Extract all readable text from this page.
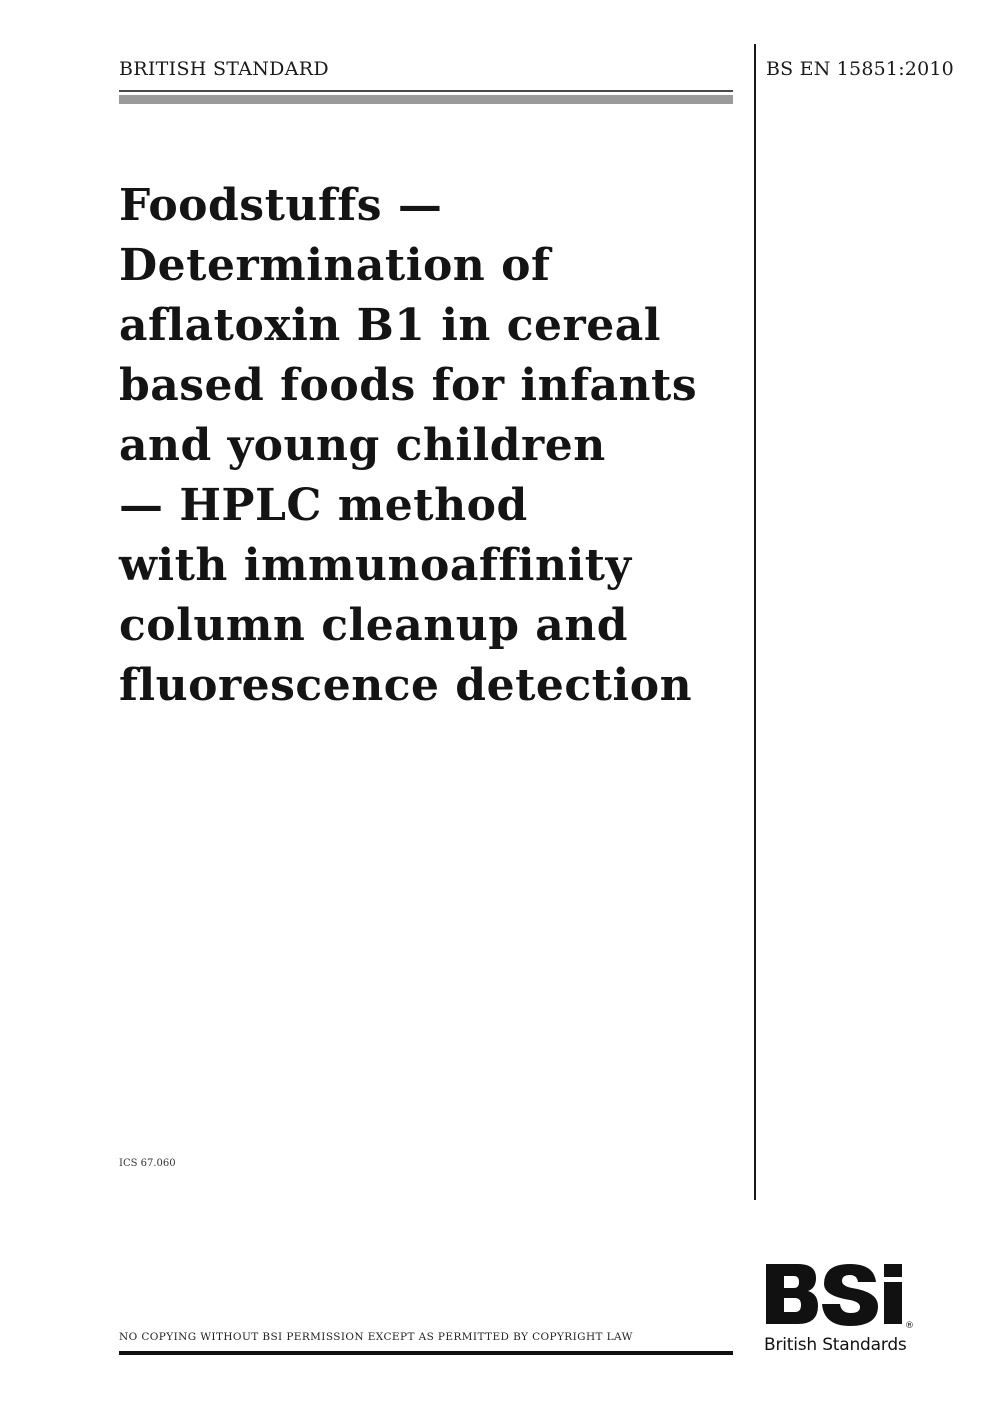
BRITISH STANDARD	BS EN 15851:2010
Foodstuffs —
Determination of
aflatoxin B1 in cereal
based foods for infants
and young children
— HPLC method
with immunoaffinity
column cleanup and
fluorescence detection
ICS 67.060
NO COPYING WITHOUT BSI PERMISSION EXCEPT AS PERMITTED BY COPYRIGHT LAW
®
British Standards
